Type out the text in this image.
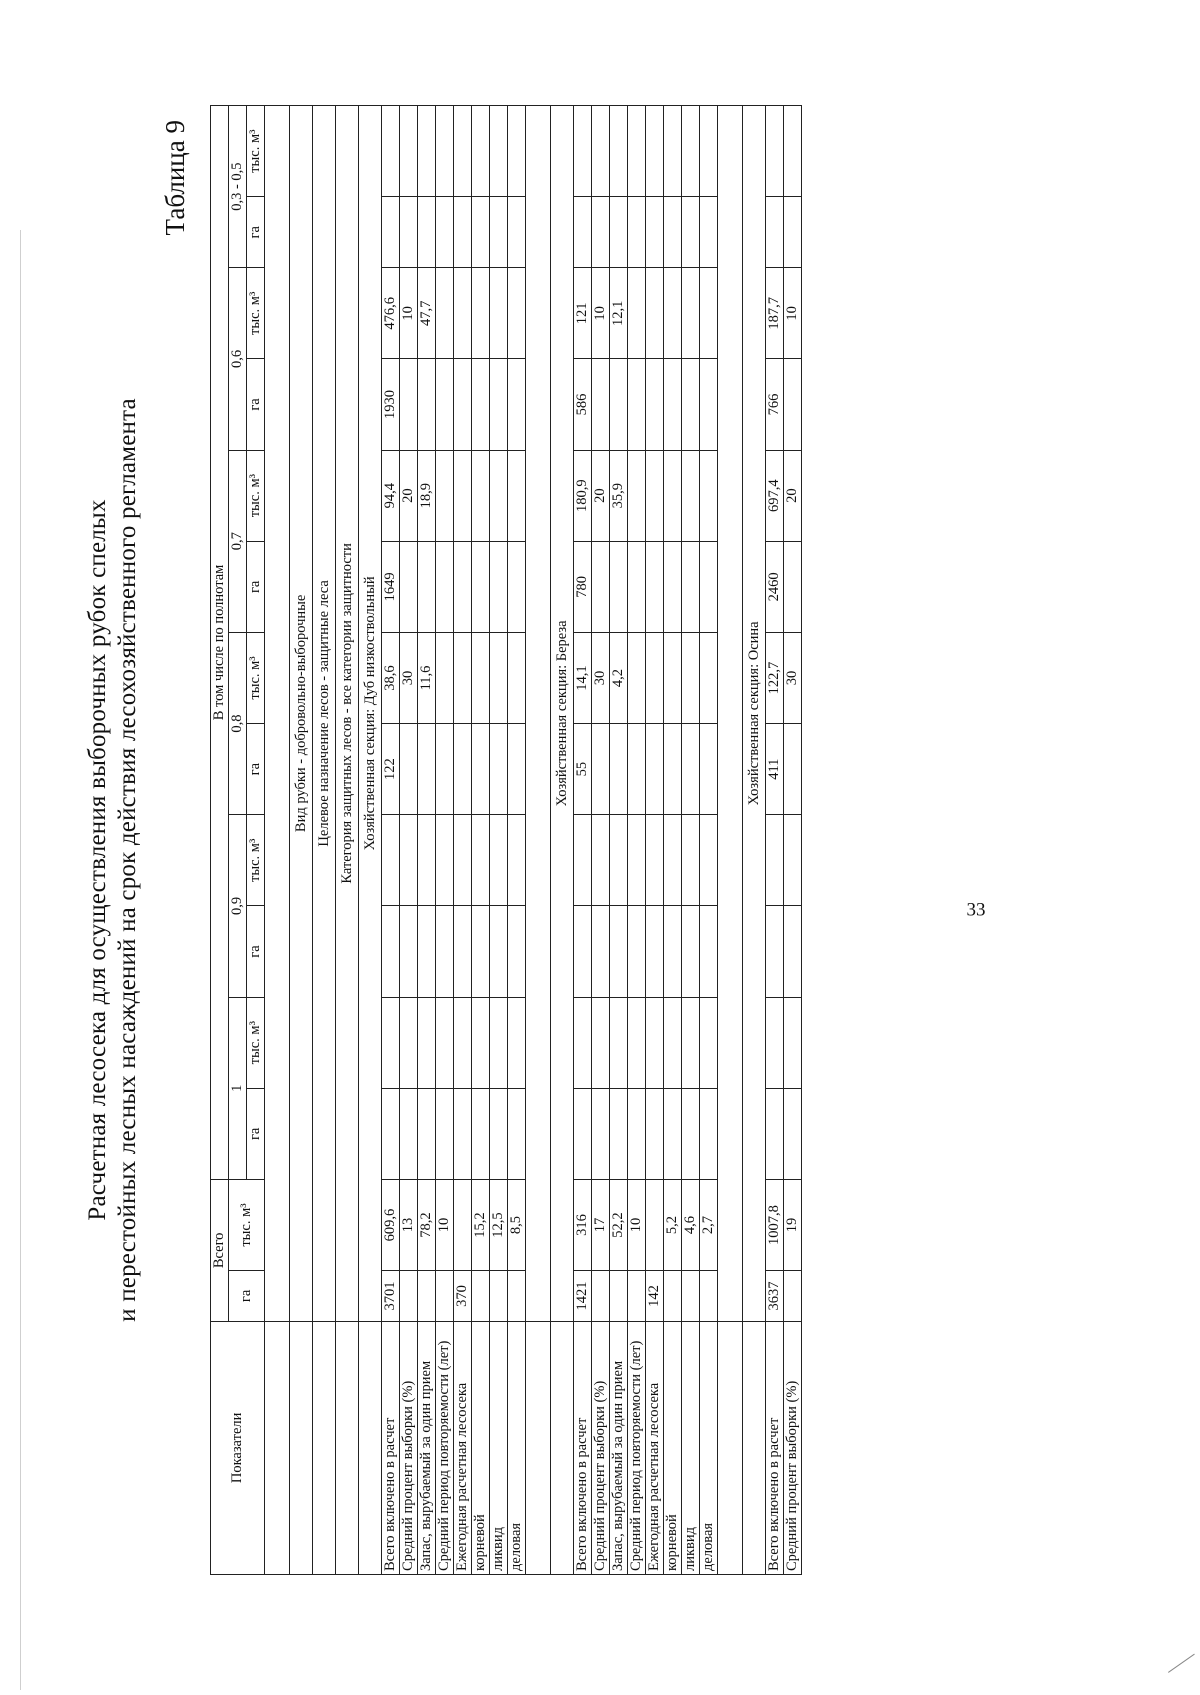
Расчетная лесосека для осуществления выборочных рубок спелых и перестойных лесных насаждений на срок действия лесохозяйственного регламента
Таблица 9
Показатели	Всего		В том числе по полнотам											
	га	тыс. м³	1		0,9		0,8		0,7		0,6		0,3 - 0,5	
			га	тыс. м³	га	тыс. м³	га	тыс. м³	га	тыс. м³	га	тыс. м³	га	тыс. м³

	Вид рубки - добровольно-выборочные													
	Целевое назначение лесов - защитные леса													
	Категория защитных лесов - все категории защитности													
	Хозяйственная секция: Дуб низкоствольный													
Всего включено в расчет	3701	609,6					122	38,6	1649	94,4	1930	476,6		
Средний процент выборки (%)		13						30		20		10		
Запас, вырубаемый за один прием		78,2						11,6		18,9		47,7		
Средний период повторяемости (лет)		10												
Ежегодная расчетная лесосека	370													
корневой		15,2												
ликвид		12,5												
деловая		8,5												

	Хозяйственная секция: Береза													
Всего включено в расчет	1421	316					55	14,1	780	180,9	586	121		
Средний процент выборки (%)		17						30		20		10		
Запас, вырубаемый за один прием		52,2						4,2		35,9		12,1		
Средний период повторяемости (лет)		10												
Ежегодная расчетная лесосека	142													
корневой		5,2												
ликвид		4,6												
деловая		2,7												

	Хозяйственная секция: Осина													
Всего включено в расчет	3637	1007,8					411	122,7	2460	697,4	766	187,7		
Средний процент выборки (%)		19						30		20		10		
33
